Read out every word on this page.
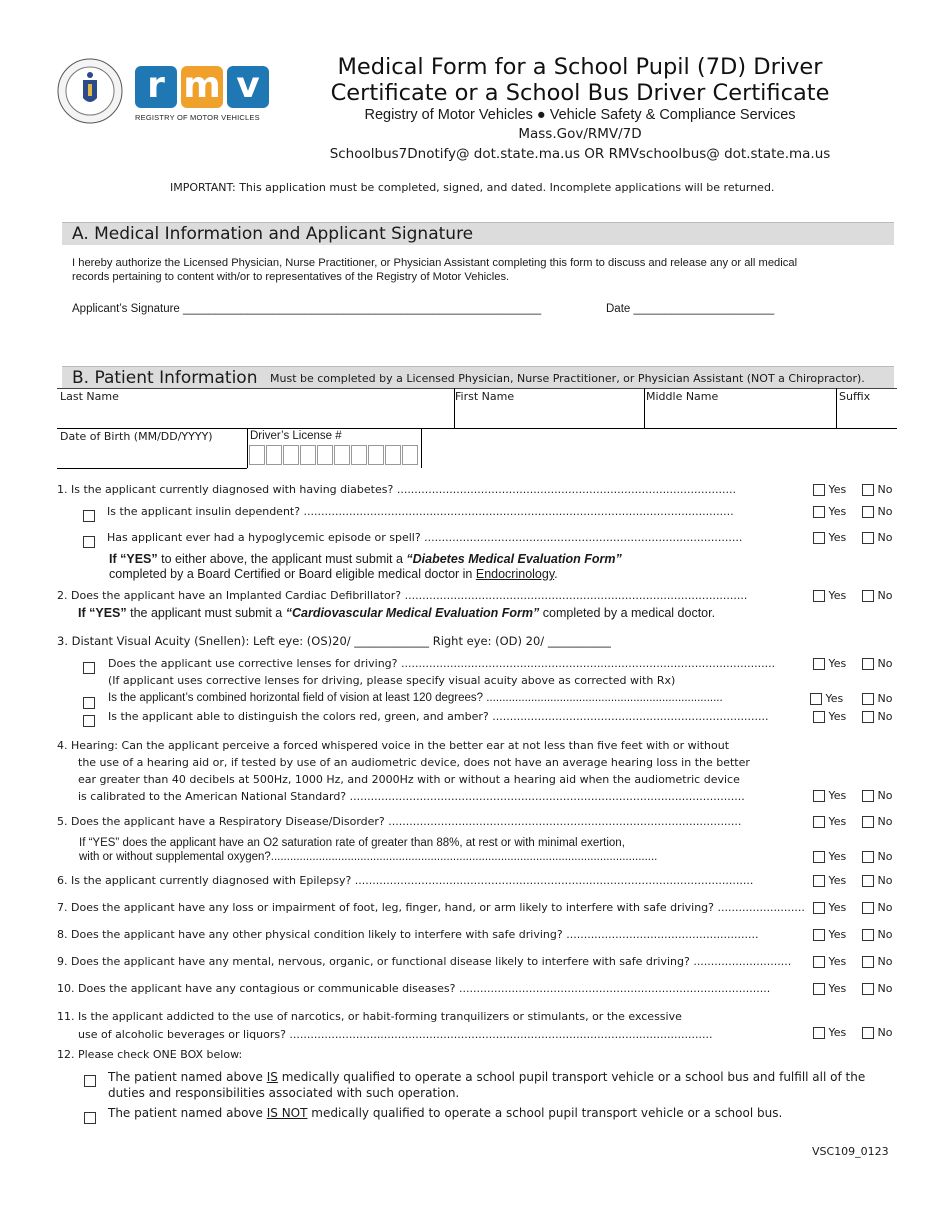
r m v
REGISTRY OF MOTOR VEHICLES
Medical Form for a School Pupil (7D) Driver
Certificate or a School Bus Driver Certificate
Registry of Motor Vehicles ● Vehicle Safety & Compliance Services
Mass.Gov/RMV/7D
Schoolbus7Dnotify@ dot.state.ma.us OR RMVschoolbus@ dot.state.ma.us
IMPORTANT: This application must be completed, signed, and dated. Incomplete applications will be returned.
A. Medical Information and Applicant Signature
I hereby authorize the Licensed Physician, Nurse Practitioner, or Physician Assistant completing this form to discuss and release any or all medical
records pertaining to content with/or to representatives of the Registry of Motor Vehicles.
Applicant’s Signature ________________________________________________________	Date ______________________
B. Patient Information Must be completed by a Licensed Physician, Nurse Practitioner, or Physician Assistant (NOT a Chiropractor).
Last Name	First Name	Middle Name	Suffix
Date of Birth (MM/DD/YYYY)	Driver’s License #
1. Is the applicant currently diagnosed with having diabetes? .................................................................................................	Yes	No
Is the applicant insulin dependent? ...........................................................................................................................	Yes	No
Has applicant ever had a hypoglycemic episode or spell? ...........................................................................................	Yes	No
If “YES” to either above, the applicant must submit a “Diabetes Medical Evaluation Form”
completed by a Board Certified or Board eligible medical doctor in Endocrinology.
2. Does the applicant have an Implanted Cardiac Defibrillator? ..................................................................................................	Yes	No
If “YES” the applicant must submit a “Cardiovascular Medical Evaluation Form” completed by a medical doctor.
3. Distant Visual Acuity (Snellen): Left eye: (OS)20/ _____________ Right eye: (OD) 20/ ___________
Does the applicant use corrective lenses for driving? ...........................................................................................................	Yes	No
(If applicant uses corrective lenses for driving, please specify visual acuity above as corrected with Rx)
Is the applicant’s combined horizontal field of vision at least 120 degrees? ..........................................................................	Yes	No
Is the applicant able to distinguish the colors red, green, and amber? ...............................................................................	Yes	No
4. Hearing: Can the applicant perceive a forced whispered voice in the better ear at not less than five feet with or without
the use of a hearing aid or, if tested by use of an audiometric device, does not have an average hearing loss in the better
ear greater than 40 decibels at 500Hz, 1000 Hz, and 2000Hz with or without a hearing aid when the audiometric device
is calibrated to the American National Standard? .................................................................................................................	Yes	No
5. Does the applicant have a Respiratory Disease/Disorder? .....................................................................................................	Yes	No
If “YES” does the applicant have an O2 saturation rate of greater than 88%, at rest or with minimal exertion,
with or without supplemental oxygen?.........................................................................................................................	Yes	No
6. Is the applicant currently diagnosed with Epilepsy? ..................................................................................................................	Yes	No
7. Does the applicant have any loss or impairment of foot, leg, finger, hand, or arm likely to interfere with safe driving? .........................	Yes	No
8. Does the applicant have any other physical condition likely to interfere with safe driving? .......................................................	Yes	No
9. Does the applicant have any mental, nervous, organic, or functional disease likely to interfere with safe driving? ............................	Yes	No
10. Does the applicant have any contagious or communicable diseases? .........................................................................................	Yes	No
11. Is the applicant addicted to the use of narcotics, or habit-forming tranquilizers or stimulants, or the excessive
use of alcoholic beverages or liquors? .........................................................................................................................	Yes	No
12. Please check ONE BOX below:
The patient named above IS medically qualified to operate a school pupil transport vehicle or a school bus and fulfill all of the
duties and responsibilities associated with such operation.
The patient named above IS NOT medically qualified to operate a school pupil transport vehicle or a school bus.
VSC109_0123
